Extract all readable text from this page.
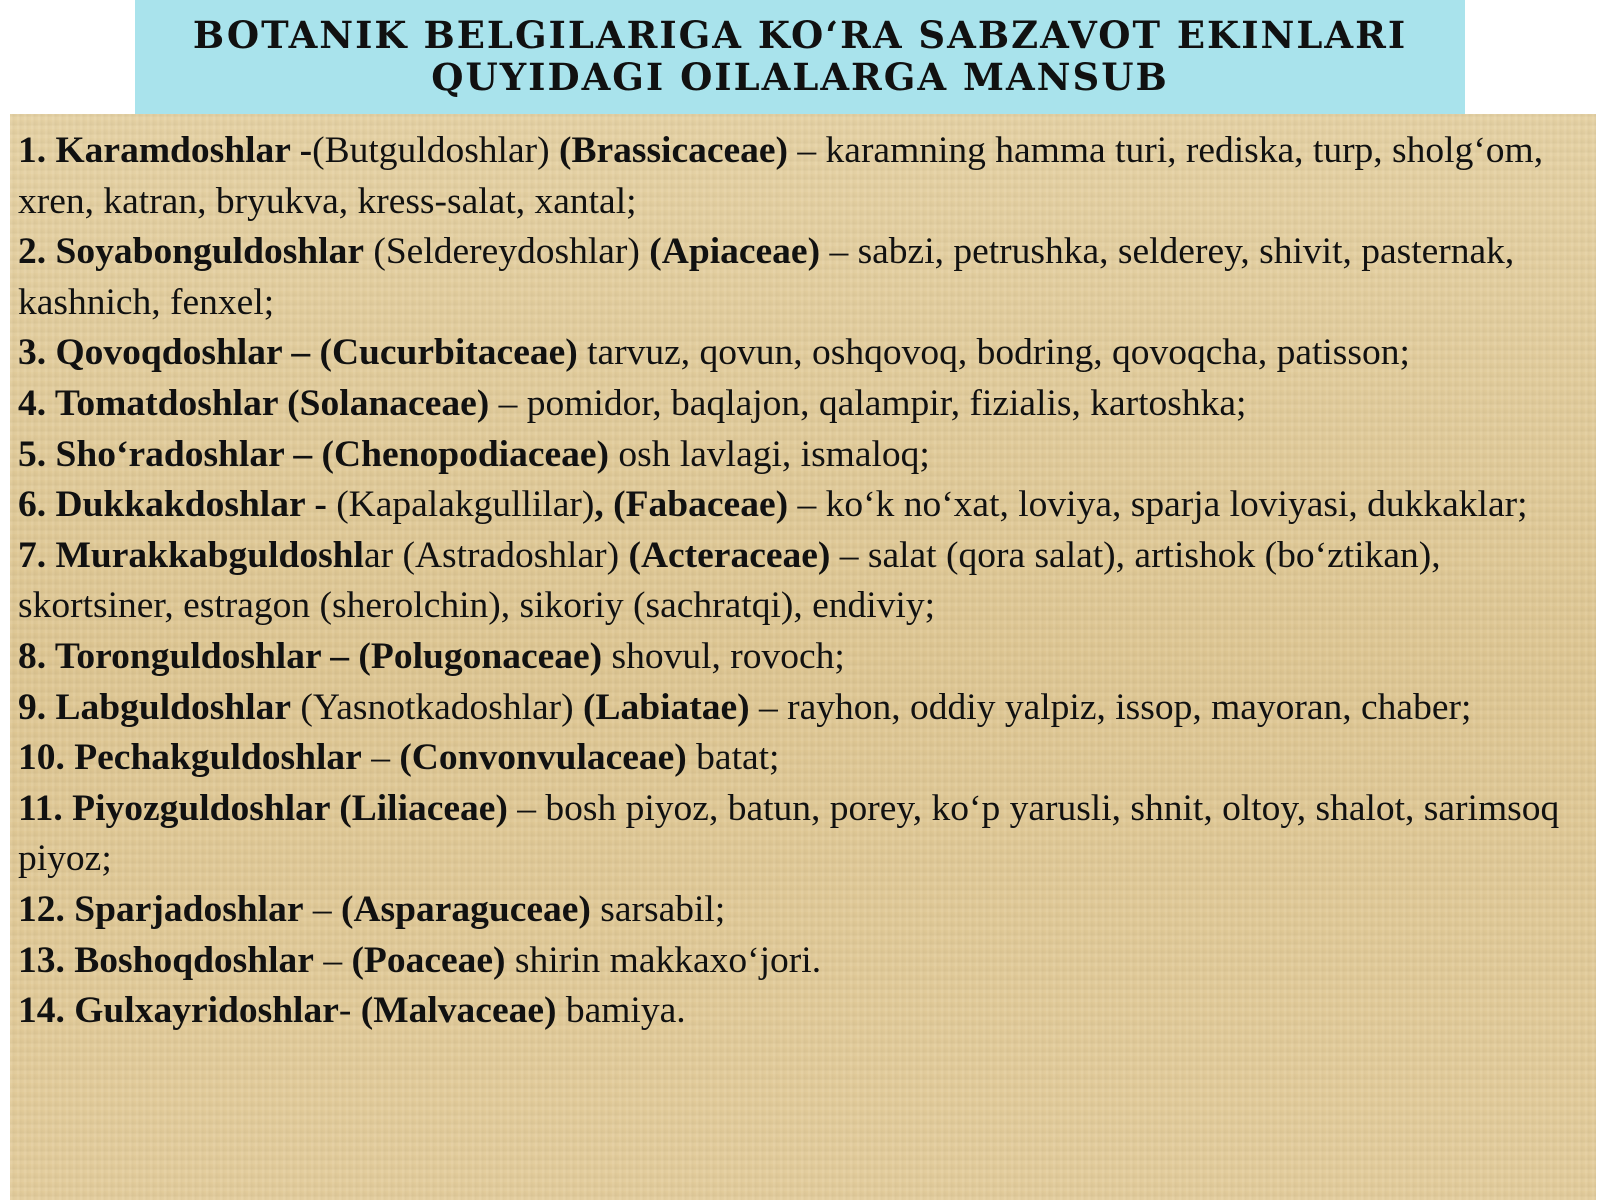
BOTANIK BELGILARIGA KO‘RA SABZAVOT EKINLARI
QUYIDAGI OILALARGA MANSUB
1. Karamdoshlar -(Butguldoshlar) (Brassicaceae) – karamning hamma turi, rediska, turp, sholg‘om, xren, katran, bryukva, kress-salat, xantal;
2. Soyabonguldoshlar (Seldereydoshlar) (Apiaceae) – sabzi, petrushka, selderey, shivit, pasternak, kashnich, fenxel;
3. Qovoqdoshlar – (Cucurbitaceae) tarvuz, qovun, oshqovoq, bodring, qovoqcha, patisson;
4. Tomatdoshlar (Solanaceae) – pomidor, baqlajon, qalampir, fizialis, kartoshka;
5. Sho‘radoshlar – (Chenopodiaceae) osh lavlagi, ismaloq;
6. Dukkakdoshlar - (Kapalakgullilar), (Fabaceae) – ko‘k no‘xat, loviya, sparja loviyasi, dukkaklar;
7. Murakkabguldoshlar (Astradoshlar) (Acteraceae) – salat (qora salat), artishok (bo‘ztikan), skortsiner, estragon (sherolchin), sikoriy (sachratqi), endiviy;
8. Toronguldoshlar – (Polugonaceae) shovul, rovoch;
9. Labguldoshlar (Yasnotkadoshlar) (Labiatae) – rayhon, oddiy yalpiz, issop, mayoran, chaber;
10. Pechakguldoshlar – (Convonvulaceae) batat;
11. Piyozguldoshlar (Liliaceae) – bosh piyoz, batun, porey, ko‘p yarusli, shnit, oltoy, shalot, sarimsoq piyoz;
12. Sparjadoshlar – (Asparaguceae) sarsabil;
13. Boshoqdoshlar – (Poaceae) shirin makkaxo‘jori.
14. Gulxayridoshlar- (Malvaceae) bamiya.
